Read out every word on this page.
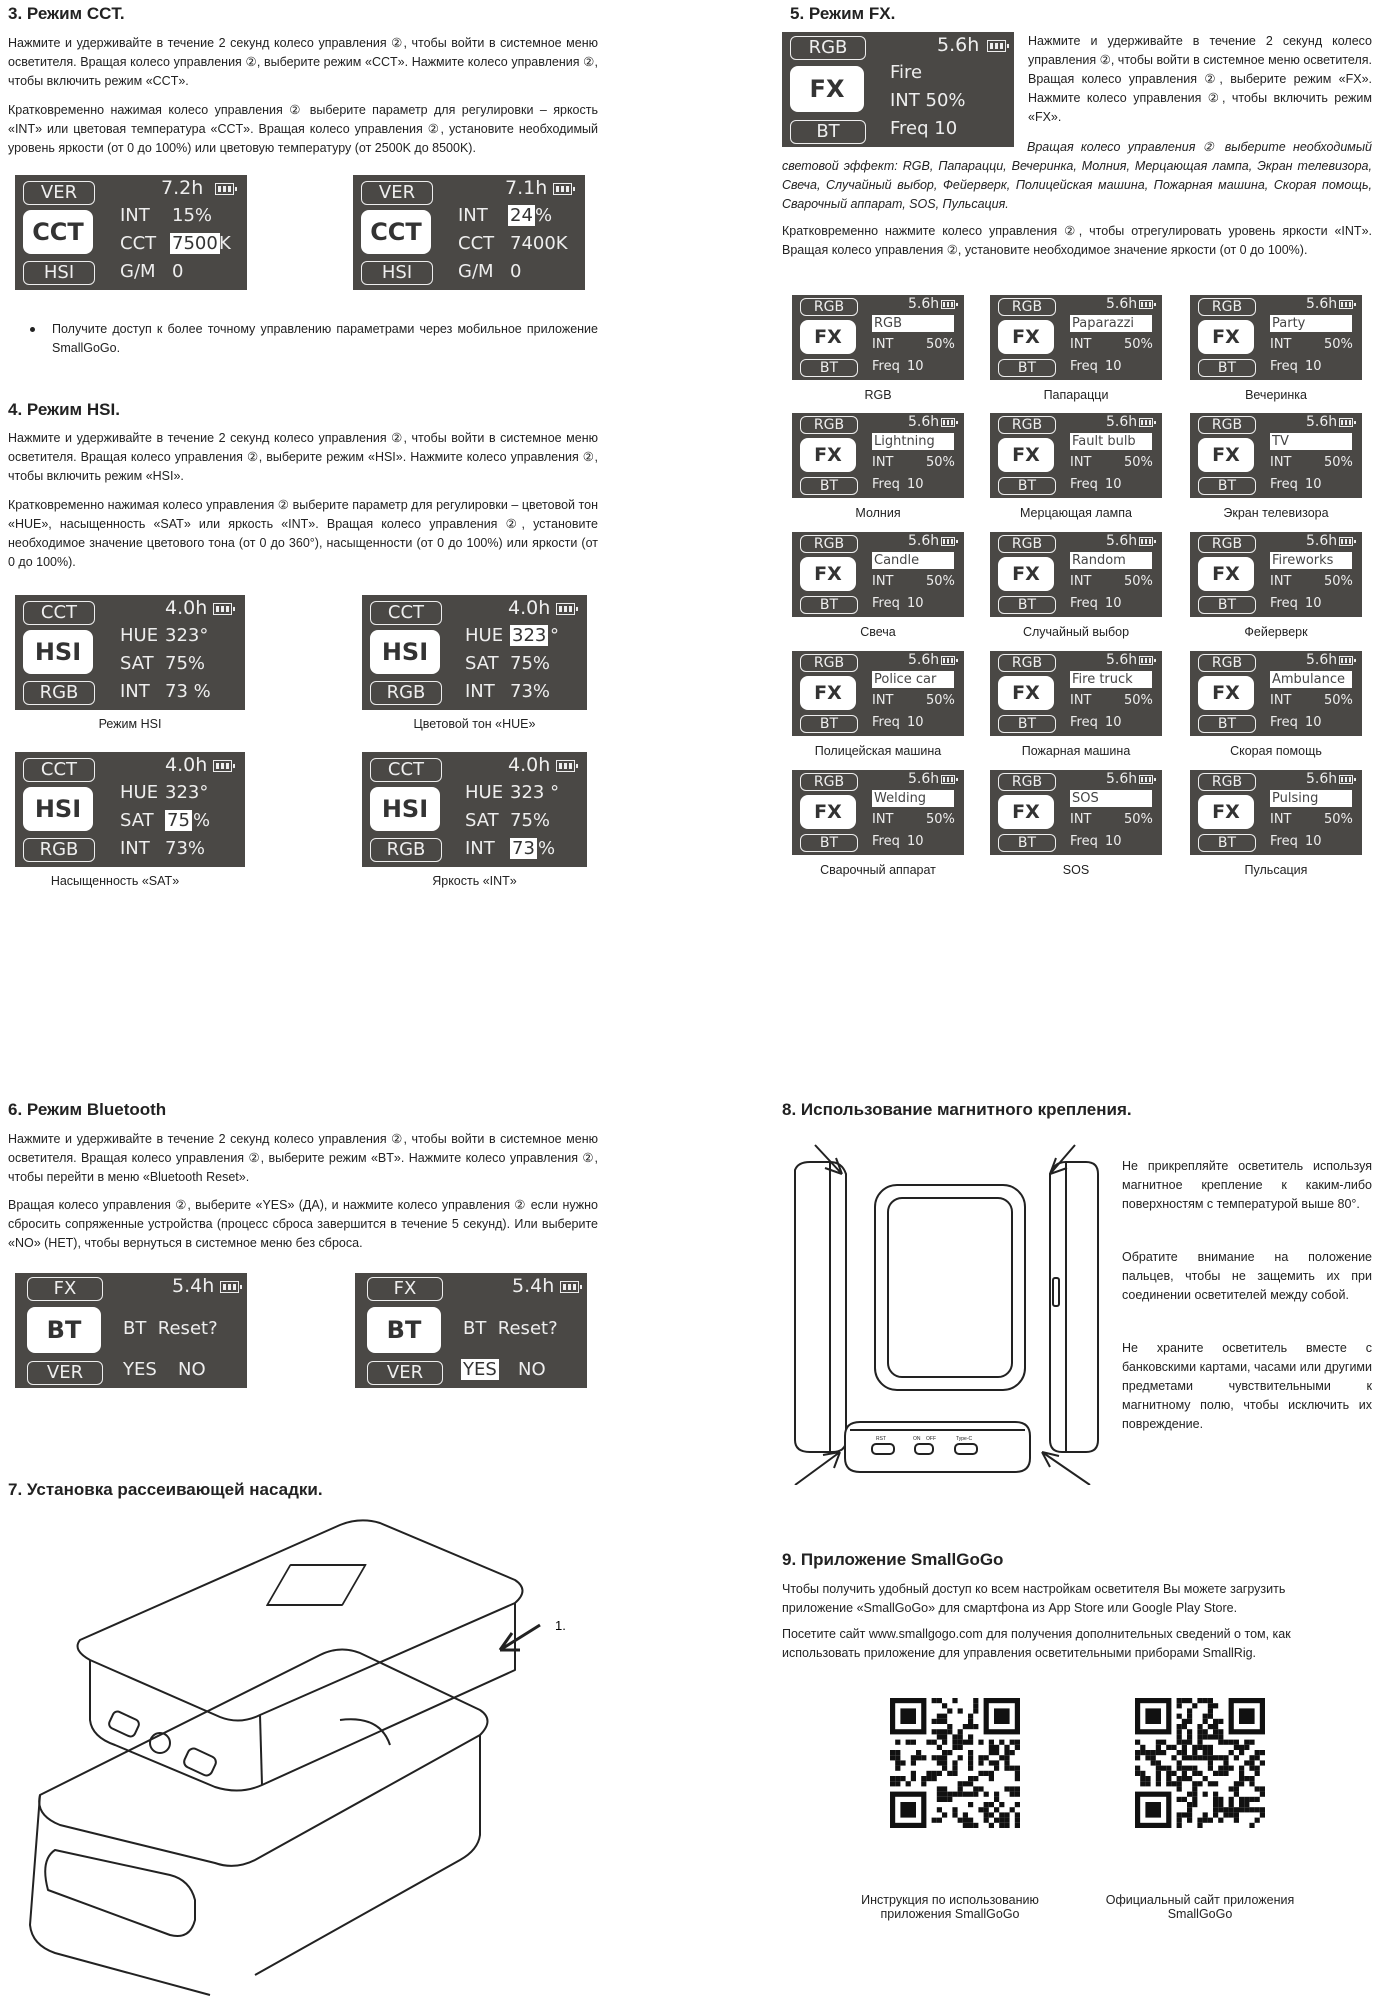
3. Режим CCT.

Нажмите и удерживайте в течение 2 секунд колесо управления ②, чтобы войти в системное меню осветителя. Вращая колесо управления ②, выберите режим «CCT». Нажмите колесо управления ②, чтобы включить режим «CCT».

Кратковременно нажимая колесо управления ② выберите параметр для регулировки – яркость «INT» или цветовая температура «CCT». Вращая колесо управления ②, установите необходимый уровень яркости (от 0 до 100%) или цветовую температуру (от 2500K до 8500K).

VER
CCT
HSI
7.2h
INT 15%
CCT 7500 K
G/M 0
VER
CCT
HSI
7.1h
INT 24 %
CCT 7400K
G/M 0

Получите доступ к более точному управлению параметрами через мобильное приложение SmallGoGo.

4. Режим HSI.

Нажмите и удерживайте в течение 2 секунд колесо управления ②, чтобы войти в системное меню осветителя. Вращая колесо управления ②, выберите режим «HSI». Нажмите колесо управления ②, чтобы включить режим «HSI».

Кратковременно нажимая колесо управления ② выберите параметр для регулировки – цветовой тон «HUE», насыщенность «SAT» или яркость «INT». Вращая колесо управления ②, установите необходимое значение цветового тона (от 0 до 360°), насыщенности (от 0 до 100%) или яркости (от 0 до 100%).

CCT
HSI
RGB
4.0h
HUE 323°
SAT 75%
INT 73 %
Режим HSI
CCT
HSI
RGB
4.0h
HUE 323 °
SAT 75%
INT 73%
Цветовой тон «HUE»
CCT
HSI
RGB
4.0h
HUE 323°
SAT 75 %
INT 73%
Насыщенность «SAT»
CCT
HSI
RGB
4.0h
HUE 323 °
SAT 75%
INT 73 %
Яркость «INT»
5. Режим FX.
RGB
FX
BT
5.6h
Fire
INT 50%
Freq 10

Нажмите и удерживайте в течение 2 секунд колесо управления ②, чтобы войти в системное меню осветителя. Вращая колесо управления ②, выберите режим «FX». Нажмите колесо управления ②, чтобы включить режим «FX».

Вращая колесо управления ② выберите необходимый световой эффект: RGB, Папарацци, Вечеринка, Молния, Мерцающая лампа, Экран телевизора, Свеча, Случайный выбор, Фейерверк, Полицейская машина, Пожарная машина, Скорая помощь, Сварочный аппарат, SOS, Пульсация.

Кратковременно нажмите колесо управления ②, чтобы отрегулировать уровень яркости «INT». Вращая колесо управления ②, установите необходимое значение яркости (от 0 до 100%).

RGB
FX
BT
5.6h
RGB
INT	50%
Freq 10
RGB
RGB
FX
BT
5.6h
Paparazzi
INT	50%
Freq 10
Папарацци
RGB
FX
BT
5.6h
Party
INT	50%
Freq 10
Вечеринка
RGB
FX
BT
5.6h
Lightning
INT	50%
Freq 10
Молния
RGB
FX
BT
5.6h
Fault bulb
INT	50%
Freq 10
Мерцающая лампа
RGB
FX
BT
5.6h
TV
INT	50%
Freq 10
Экран телевизора
RGB
FX
BT
5.6h
Candle
INT	50%
Freq 10
Свеча
RGB
FX
BT
5.6h
Random
INT	50%
Freq 10
Случайный выбор
RGB
FX
BT
5.6h
Fireworks
INT	50%
Freq 10
Фейерверк
RGB
FX
BT
5.6h
Police car
INT	50%
Freq 10
Полицейская машина
RGB
FX
BT
5.6h
Fire truck
INT	50%
Freq 10
Пожарная машина
RGB
FX
BT
5.6h
Ambulance
INT	50%
Freq 10
Скорая помощь
RGB
FX
BT
5.6h
Welding
INT	50%
Freq 10
Сварочный аппарат
RGB
FX
BT
5.6h
SOS
INT	50%
Freq 10
SOS
RGB
FX
BT
5.6h
Pulsing
INT	50%
Freq 10
Пульсация
6. Режим Bluetooth

Нажмите и удерживайте в течение 2 секунд колесо управления ②, чтобы войти в системное меню осветителя. Вращая колесо управления ②, выберите режим «BT». Нажмите колесо управления ②, чтобы перейти в меню «Bluetooth Reset».

Вращая колесо управления ②, выберите «YES» (ДА), и нажмите колесо управления ② если нужно сбросить сопряженные устройства (процесс сброса завершится в течение 5 секунд). Или выберите «NO» (НЕТ), чтобы вернуться в системное меню без сброса.

FX
BT
VER
5.4h
BT  Reset?
YES NO
FX
BT
VER
5.4h
BT  Reset?
YES NO
7. Установка рассеивающей насадки.
1.
8. Использование магнитного крепления.
RST	ON OFF	Type-C

Не прикрепляйте осветитель используя магнитное крепление к каким-либо поверхностям с температурой выше 80°.

Обратите внимание на положение пальцев, чтобы не защемить их при соединении осветителей между собой.

Не храните осветитель вместе с банковскими картами, часами или другими предметами чувствительными к магнитному полю, чтобы исключить их повреждение.

9. Приложение SmallGoGo

Чтобы получить удобный доступ ко всем настройкам осветителя Вы можете загрузить приложение «SmallGoGo» для смартфона из App Store или Google Play Store.

Посетите сайт www.smallgogo.com для получения дополнительных сведений о том, как использовать приложение для управления осветительными приборами SmallRig.

Инструкция по использованию приложения SmallGoGo
Официальный сайт приложения SmallGoGo
